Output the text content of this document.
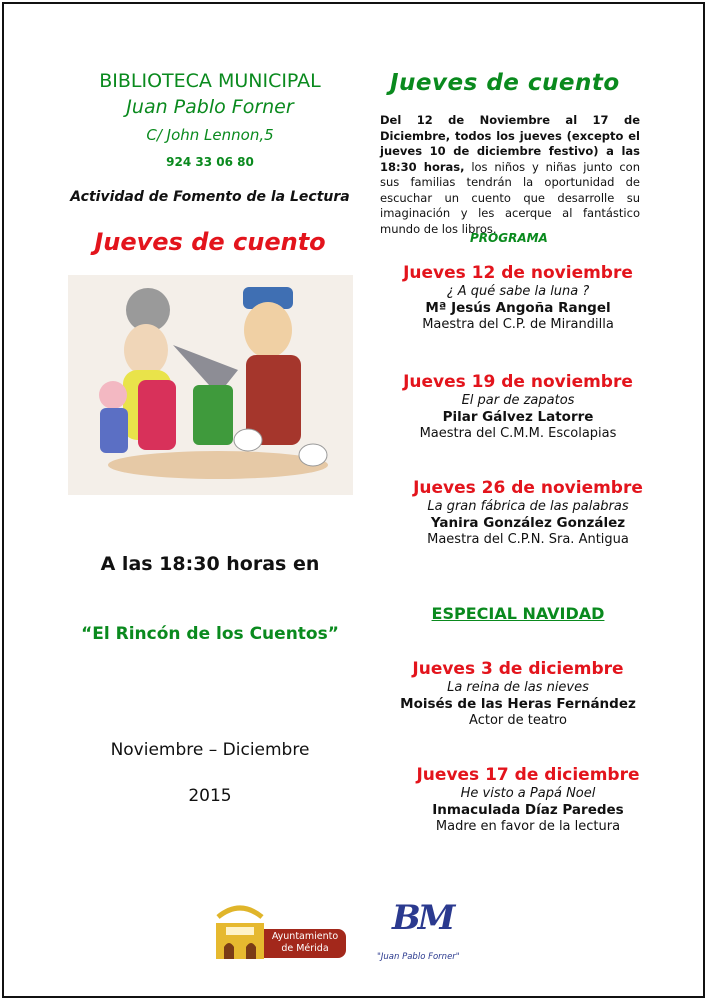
BIBLIOTECA MUNICIPAL
Juan Pablo Forner
C/ John Lennon,5
924 33 06 80
Actividad de Fomento de la Lectura
Jueves de cuento
A las 18:30 horas en
“El Rincón de los Cuentos”
Noviembre – Diciembre
2015
Jueves de cuento
Del 12 de Noviembre al 17 de Diciembre, todos los jueves (excepto el jueves 10 de diciembre festivo) a las 18:30 horas, los niños y niñas junto con sus familias tendrán la oportunidad de escuchar un cuento que desarrolle su imaginación y les acerque al fantástico mundo de los libros.
PROGRAMA
Jueves 12 de noviembre
¿ A qué sabe la luna ?
Mª Jesús Angoña Rangel
Maestra del C.P. de Mirandilla
Jueves 19 de noviembre
El par de zapatos
Pilar Gálvez Latorre
Maestra del C.M.M. Escolapias
Jueves 26 de noviembre
La gran fábrica de las palabras
Yanira González González
Maestra del C.P.N. Sra. Antigua
ESPECIAL NAVIDAD
Jueves 3 de diciembre
La reina de las nieves
Moisés de las Heras Fernández
Actor de teatro
Jueves 17 de diciembre
He visto a Papá Noel
Inmaculada Díaz Paredes
Madre en favor de la lectura
Ayuntamiento
de Mérida
BM
"Juan Pablo Forner"
